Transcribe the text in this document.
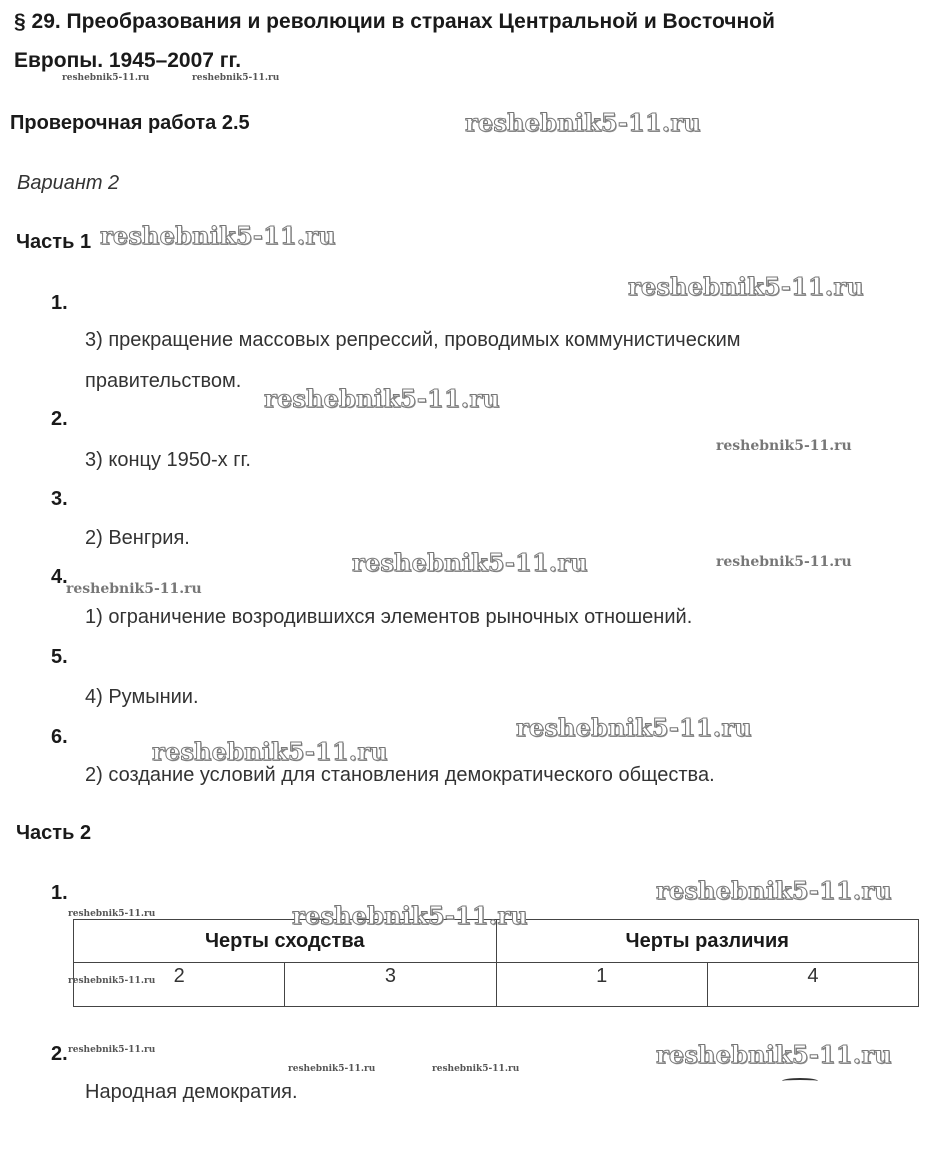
§ 29. Преобразования и революции в странах Центральной и Восточной
Европы. 1945–2007 гг.
Проверочная работа 2.5
Вариант 2
Часть 1
1.
3) прекращение массовых репрессий, проводимых коммунистическим
правительством.
2.
3) концу 1950-х гг.
3.
2) Венгрия.
4.
1) ограничение возродившихся элементов рыночных отношений.
5.
4) Румынии.
6.
2) создание условий для становления демократического общества.
Часть 2
1.
Черты сходства		Черты различия	
2	3	1	4
2.
Народная демократия.
reshebnik5-11.ru
reshebnik5-11.ru
reshebnik5-11.ru
reshebnik5-11.ru
reshebnik5-11.ru
reshebnik5-11.ru
reshebnik5-11.ru
reshebnik5-11.ru
reshebnik5-11.ru
reshebnik5-11.ru
reshebnik5-11.ru
reshebnik5-11.ru
reshebnik5-11.ru
reshebnik5-11.ru	reshebnik5-11.ru
reshebnik5-11.ru
reshebnik5-11.ru
reshebnik5-11.ru
reshebnik5-11.ru	reshebnik5-11.ru
